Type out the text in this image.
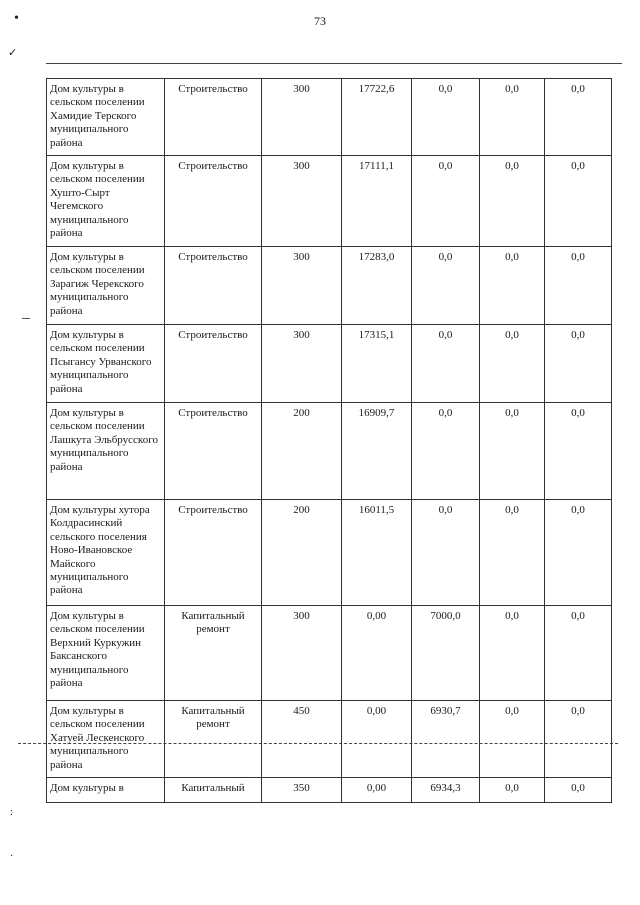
•
✓
73
:
·
Дом культуры в сельском поселении Хамидие Терского муниципального района	Строительство	300	17722,6	0,0	0,0	0,0
Дом культуры в сельском поселении Хушто-Сырт Чегемского муниципального района	Строительство	300	17111,1	0,0	0,0	0,0
Дом культуры в сельском поселении Зарагиж Черекского муниципального района	Строительство	300	17283,0	0,0	0,0	0,0
Дом культуры в сельском поселении Псыгансу Урванского муниципального района	Строительство	300	17315,1	0,0	0,0	0,0
Дом культуры в сельском поселении Лашкута Эльбрусского муниципального района	Строительство	200	16909,7	0,0	0,0	0,0
Дом культуры хутора Колдрасинский сельского поселения Ново-Ивановское Майского муниципального района	Строительство	200	16011,5	0,0	0,0	0,0
Дом культуры в сельском поселении Верхний Куркужин Баксанского муниципального района	Капитальный ремонт	300	0,00	7000,0	0,0	0,0
Дом культуры в сельском поселении Хатуей Лескенского муниципального района	Капитальный ремонт	450	0,00	6930,7	0,0	0,0
Дом культуры в	Капитальный	350	0,00	6934,3	0,0	0,0
